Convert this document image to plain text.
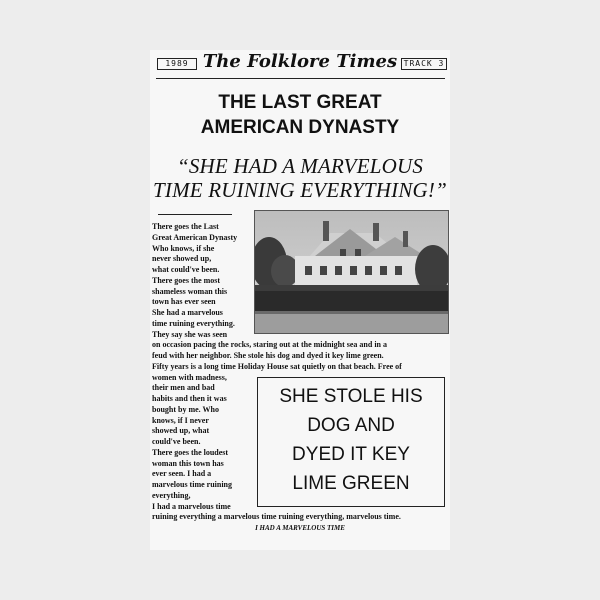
1989 The Folklore Times TRACK 3
THE LAST GREAT
AMERICAN DYNASTY
“SHE HAD A MARVELOUS
TIME RUINING EVERYTHING!”
There goes the Last
Great American Dynasty
Who knows, if she
never showed up,
what could've been.
There goes the most
shameless woman this
town has ever seen
She had a marvelous
time ruining everything.
They say she was seen
on occasion pacing the rocks, staring out at the midnight sea and in a
feud with her neighbor. She stole his dog and dyed it key lime green.
Fifty years is a long time Holiday House sat quietly on that beach. Free of
women with madness,
their men and bad
habits and then it was
bought by me. Who
knows, if I never
showed up, what
could've been.
There goes the loudest
woman this town has
ever seen. I had a
marvelous time ruining
everything,
I had a marvelous time
ruining everything a marvelous time ruining everything, marvelous time.
SHE STOLE HIS
DOG AND
DYED IT KEY
LIME GREEN
I HAD A MARVELOUS TIME
